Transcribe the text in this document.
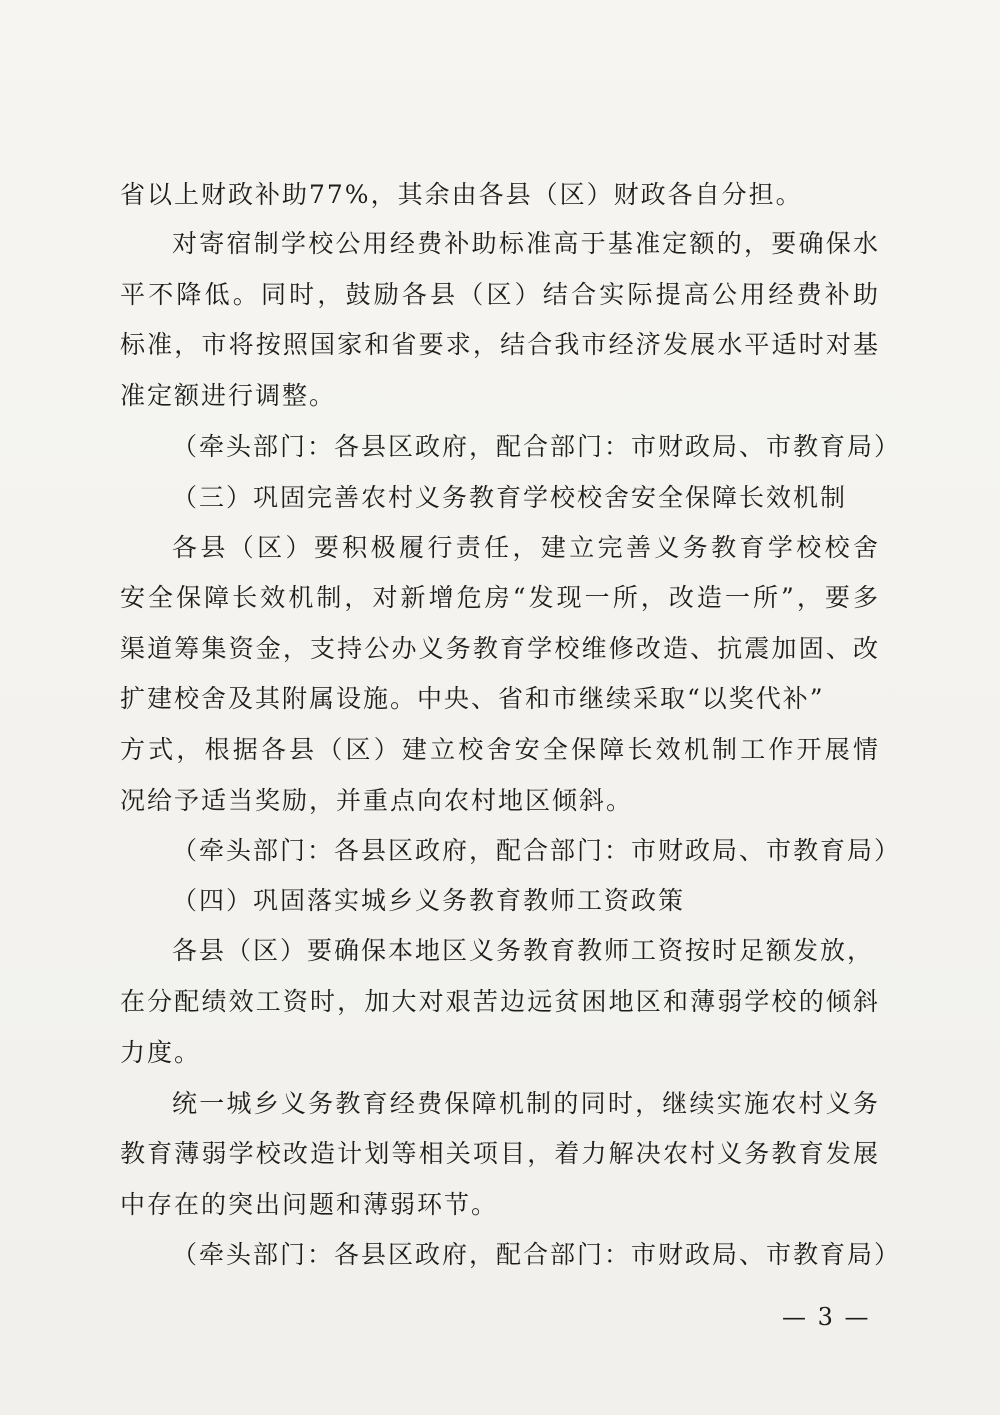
省以上财政补助77%，其余由各县（区）财政各自分担。
对寄宿制学校公用经费补助标准高于基准定额的，要确保水
平不降低。同时，鼓励各县（区）结合实际提高公用经费补助
标准，市将按照国家和省要求，结合我市经济发展水平适时对基
准定额进行调整。
（牵头部门：各县区政府，配合部门：市财政局、市教育局）
（三）巩固完善农村义务教育学校校舍安全保障长效机制
各县（区）要积极履行责任，建立完善义务教育学校校舍
安全保障长效机制，对新增危房“发现一所，改造一所”，要多
渠道筹集资金，支持公办义务教育学校维修改造、抗震加固、改
扩建校舍及其附属设施。中央、省和市继续采取“以奖代补”
方式，根据各县（区）建立校舍安全保障长效机制工作开展情
况给予适当奖励，并重点向农村地区倾斜。
（牵头部门：各县区政府，配合部门：市财政局、市教育局）
（四）巩固落实城乡义务教育教师工资政策
各县（区）要确保本地区义务教育教师工资按时足额发放，
在分配绩效工资时，加大对艰苦边远贫困地区和薄弱学校的倾斜
力度。
统一城乡义务教育经费保障机制的同时，继续实施农村义务
教育薄弱学校改造计划等相关项目，着力解决农村义务教育发展
中存在的突出问题和薄弱环节。
（牵头部门：各县区政府，配合部门：市财政局、市教育局）
— 3 —
